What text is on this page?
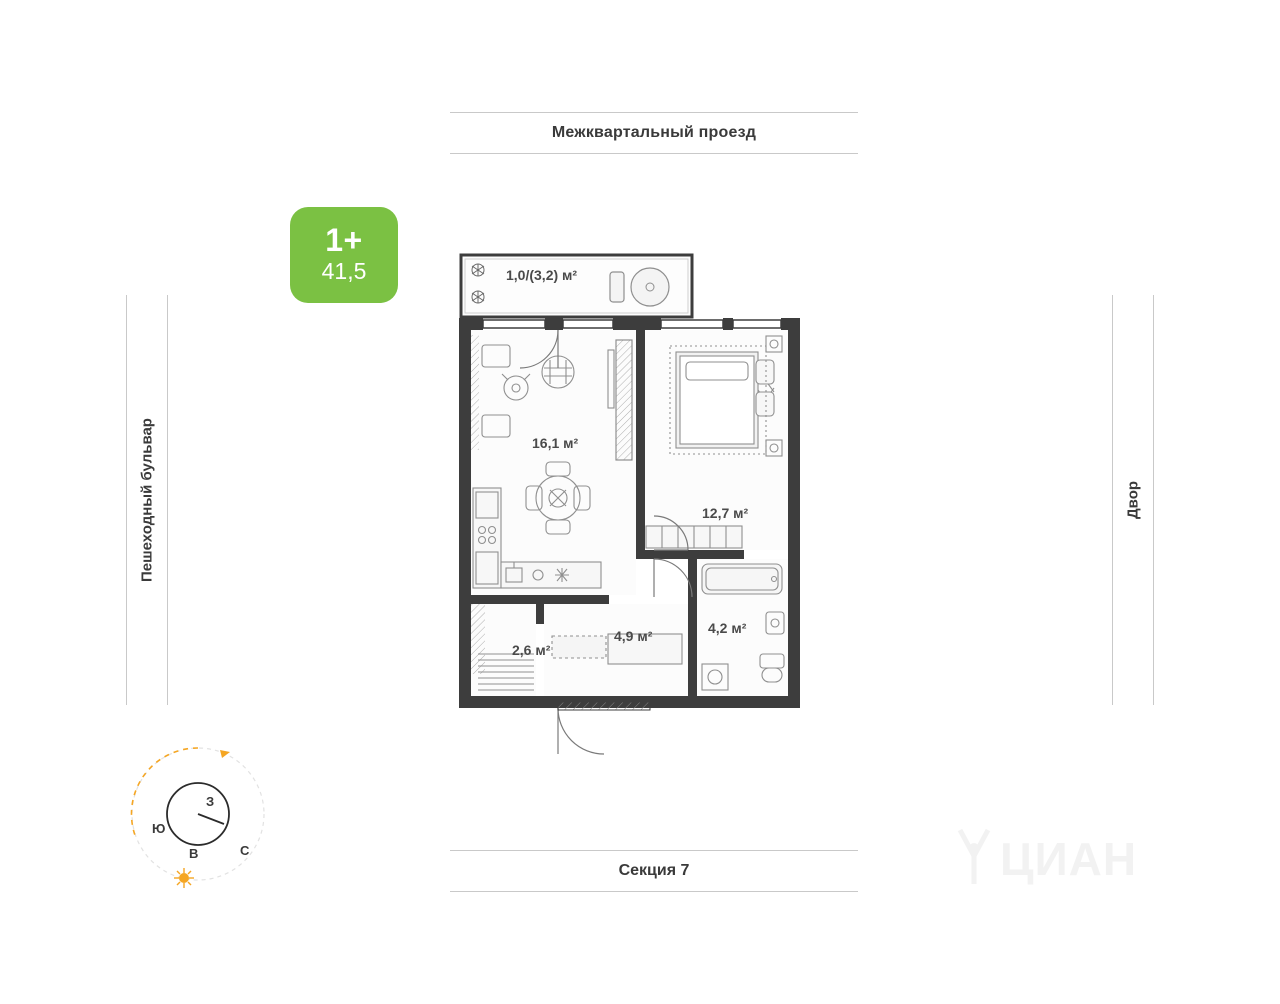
Межквартальный проезд
Пешеходный бульвар	Двор
1+
41,5	1,0/(3,2) м²
16,1 м²
12,7 м²
4,2 м²
4,9 м²
2,6 м²
Секция 7
З
Ю
С
В	ЦИАН
